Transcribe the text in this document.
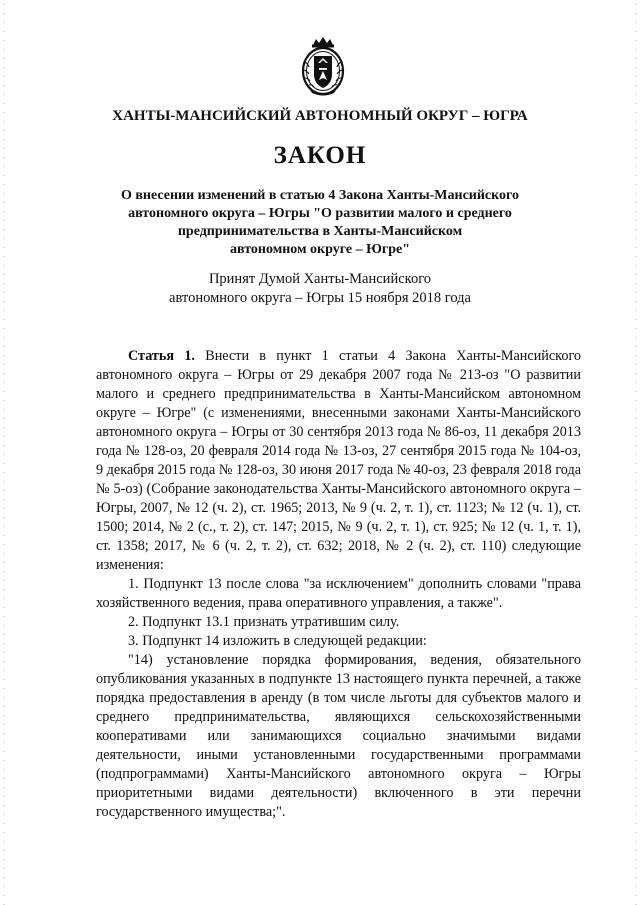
ХАНТЫ-МАНСИЙСКИЙ АВТОНОМНЫЙ ОКРУГ – ЮГРА
ЗАКОН
О внесении изменений в статью 4 Закона Ханты-Мансийского
автономного округа – Югры "О развитии малого и среднего
предпринимательства в Ханты-Мансийском
автономном округе – Югре"
Принят Думой Ханты-Мансийского
автономного округа – Югры 15 ноября 2018 года

Статья 1. Внести в пункт 1 статьи 4 Закона Ханты-Мансийского автономного округа – Югры от 29 декабря 2007 года № 213-оз "О развитии малого и среднего предпринимательства в Ханты-Мансийском автономном округе – Югре" (с изменениями, внесенными законами Ханты-Мансийского автономного округа – Югры от 30 сентября 2013 года № 86-оз, 11 декабря 2013 года № 128-оз, 20 февраля 2014 года № 13-оз, 27 сентября 2015 года № 104-оз, 9 декабря 2015 года № 128-оз, 30 июня 2017 года № 40-оз, 23 февраля 2018 года № 5-оз) (Собрание законодательства Ханты-Мансийского автономного округа – Югры, 2007, № 12 (ч. 2), ст. 1965; 2013, № 9 (ч. 2, т. 1), ст. 1123; № 12 (ч. 1), ст. 1500; 2014, № 2 (с., т. 2), ст. 147; 2015, № 9 (ч. 2, т. 1), ст. 925; № 12 (ч. 1, т. 1), ст. 1358; 2017, № 6 (ч. 2, т. 2), ст. 632; 2018, № 2 (ч. 2), ст. 110) следующие изменения:

1. Подпункт 13 после слова "за исключением" дополнить словами "права хозяйственного ведения, права оперативного управления, а также".

2. Подпункт 13.1 признать утратившим силу.

3. Подпункт 14 изложить в следующей редакции:

"14) установление порядка формирования, ведения, обязательного опубликования указанных в подпункте 13 настоящего пункта перечней, а также порядка предоставления в аренду (в том числе льготы для субъектов малого и среднего предпринимательства, являющихся сельскохозяйственными кооперативами или занимающихся социально значимыми видами деятельности, иными установленными государственными программами (подпрограммами) Ханты-Мансийского автономного округа – Югры приоритетными видами деятельности) включенного в эти перечни государственного имущества;".
